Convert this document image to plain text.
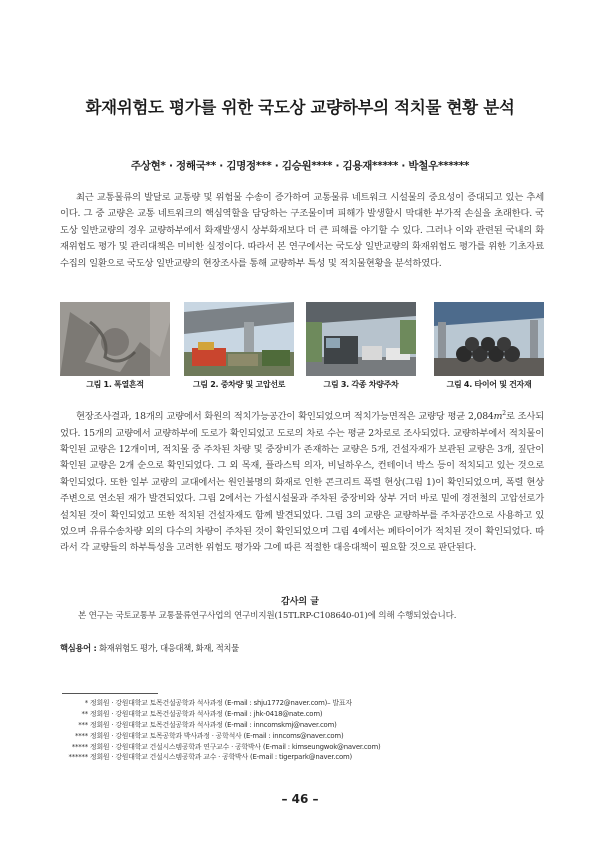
화재위험도 평가를 위한 국도상 교량하부의 적치물 현황 분석
주상현* · 정해국** · 김명정*** · 김승원**** · 김용재***** · 박철우******
최근 교통물류의 발달로 교통량 및 위험물 수송이 증가하여 교통물류 네트워크 시설물의 중요성이 증대되고 있는 추세이다. 그 중 교량은 교통 네트워크의 핵심역할을 담당하는 구조물이며 피해가 발생할시 막대한 부가적 손실을 초래한다. 국도상 일반교량의 경우 교량하부에서 화재발생시 상부화재보다 더 큰 피해를 야기할 수 있다. 그러나 이와 관련된 국내의 화재위험도 평가 및 관리대책은 미비한 실정이다. 따라서 본 연구에서는 국도상 일반교량의 화재위험도 평가를 위한 기초자료 수집의 일환으로 국도상 일반교량의 현장조사를 통해 교량하부 특성 및 적치물현황을 분석하였다.
그림 1. 폭열흔적	그림 2. 중차량 및 고압선로	그림 3. 각종 차량주차	그림 4. 타이어 및 건자재
현장조사결과, 18개의 교량에서 화원의 적치가능공간이 확인되었으며 적치가능면적은 교량당 평균 $2,084m^2$로 조사되었다. 15개의 교량에서 교량하부에 도로가 확인되었고 도로의 차로 수는 평균 2차로로 조사되었다. 교량하부에서 적치물이 확인된 교량은 12개이며, 적치물 중 주차된 차량 및 중장비가 존재하는 교량은 5개, 건설자재가 보관된 교량은 3개, 짚단이 확인된 교량은 2개 순으로 확인되었다. 그 외 목재, 플라스틱 의자, 비닐하우스, 컨테이너 박스 등이 적치되고 있는 것으로 확인되었다. 또한 일부 교량의 교대에서는 원인불명의 화재로 인한 콘크리트 폭렬 현상(그림 1)이 확인되었으며, 폭렬 현상 주변으로 연소된 재가 발견되었다. 그림 2에서는 가설시설물과 주차된 중장비와 상부 거더 바로 밑에 경전철의 고압선로가 설치된 것이 확인되었고 또한 적치된 건설자재도 함께 발견되었다. 그림 3의 교량은 교량하부를 주차공간으로 사용하고 있었으며 유류수송차량 외의 다수의 차량이 주차된 것이 확인되었으며 그림 4에서는 폐타이어가 적치된 것이 확인되었다. 따라서 각 교량들의 하부특성을 고려한 위험도 평가와 그에 따른 적절한 대응대책이 필요할 것으로 판단된다.
감사의 글
본 연구는 국토교통부 교통물류연구사업의 연구비지원(15TLRP-C108640-01)에 의해 수행되었습니다.
핵심용어 : 화재위험도 평가, 대응대책, 화재, 적치물
* 정회원 · 강원대학교 토목건설공학과 석사과정 (E-mail : shju1772@naver.com)– 발표자
** 정회원 · 강원대학교 토목건설공학과 석사과정 (E-mail : jhk-0418@nate.com)
*** 정회원 · 강원대학교 토목건설공학과 석사과정 (E-mail : inncomskmj@naver.com)
**** 정회원 · 강원대학교 토목공학과 박사과정 · 공학석사 (E-mail : inncoms@naver.com)
***** 정회원 · 강원대학교 건설시스템공학과 연구교수 · 공학박사 (E-mail : kimseungwok@naver.com)
****** 정회원 · 강원대학교 건설시스템공학과 교수 · 공학박사 (E-mail : tigerpark@naver.com)
– 46 –
